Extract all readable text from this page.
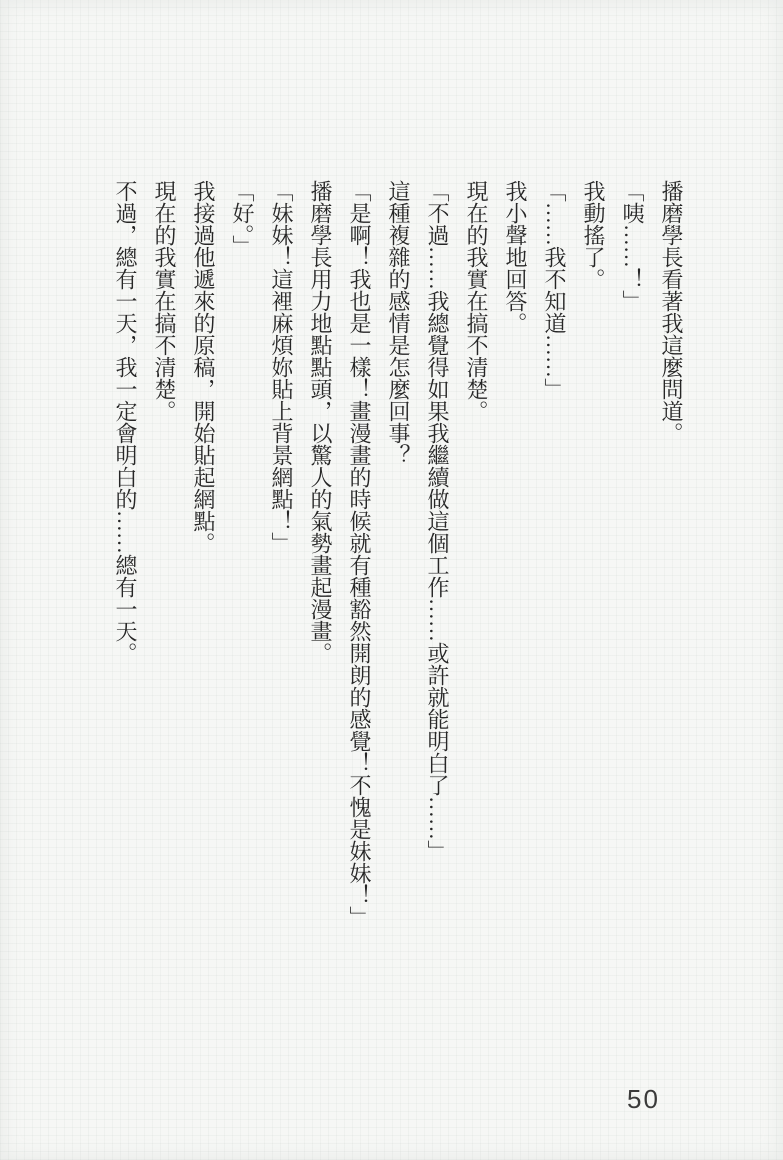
播磨學長看著我這麼問道。

「咦……！」

我動搖了。

「……我不知道……」

我小聲地回答。

現在的我實在搞不清楚。

「不過……我總覺得如果我繼續做這個工作……或許就能明白了……」

這種複雜的感情是怎麼回事？

「是啊！我也是一樣！畫漫畫的時候就有種豁然開朗的感覺！不愧是妹妹！」

播磨學長用力地點點頭，以驚人的氣勢畫起漫畫。

「妹妹！這裡麻煩妳貼上背景網點！」

「好。」

我接過他遞來的原稿，開始貼起網點。

現在的我實在搞不清楚。

不過，總有一天，我一定會明白的……總有一天。

50
